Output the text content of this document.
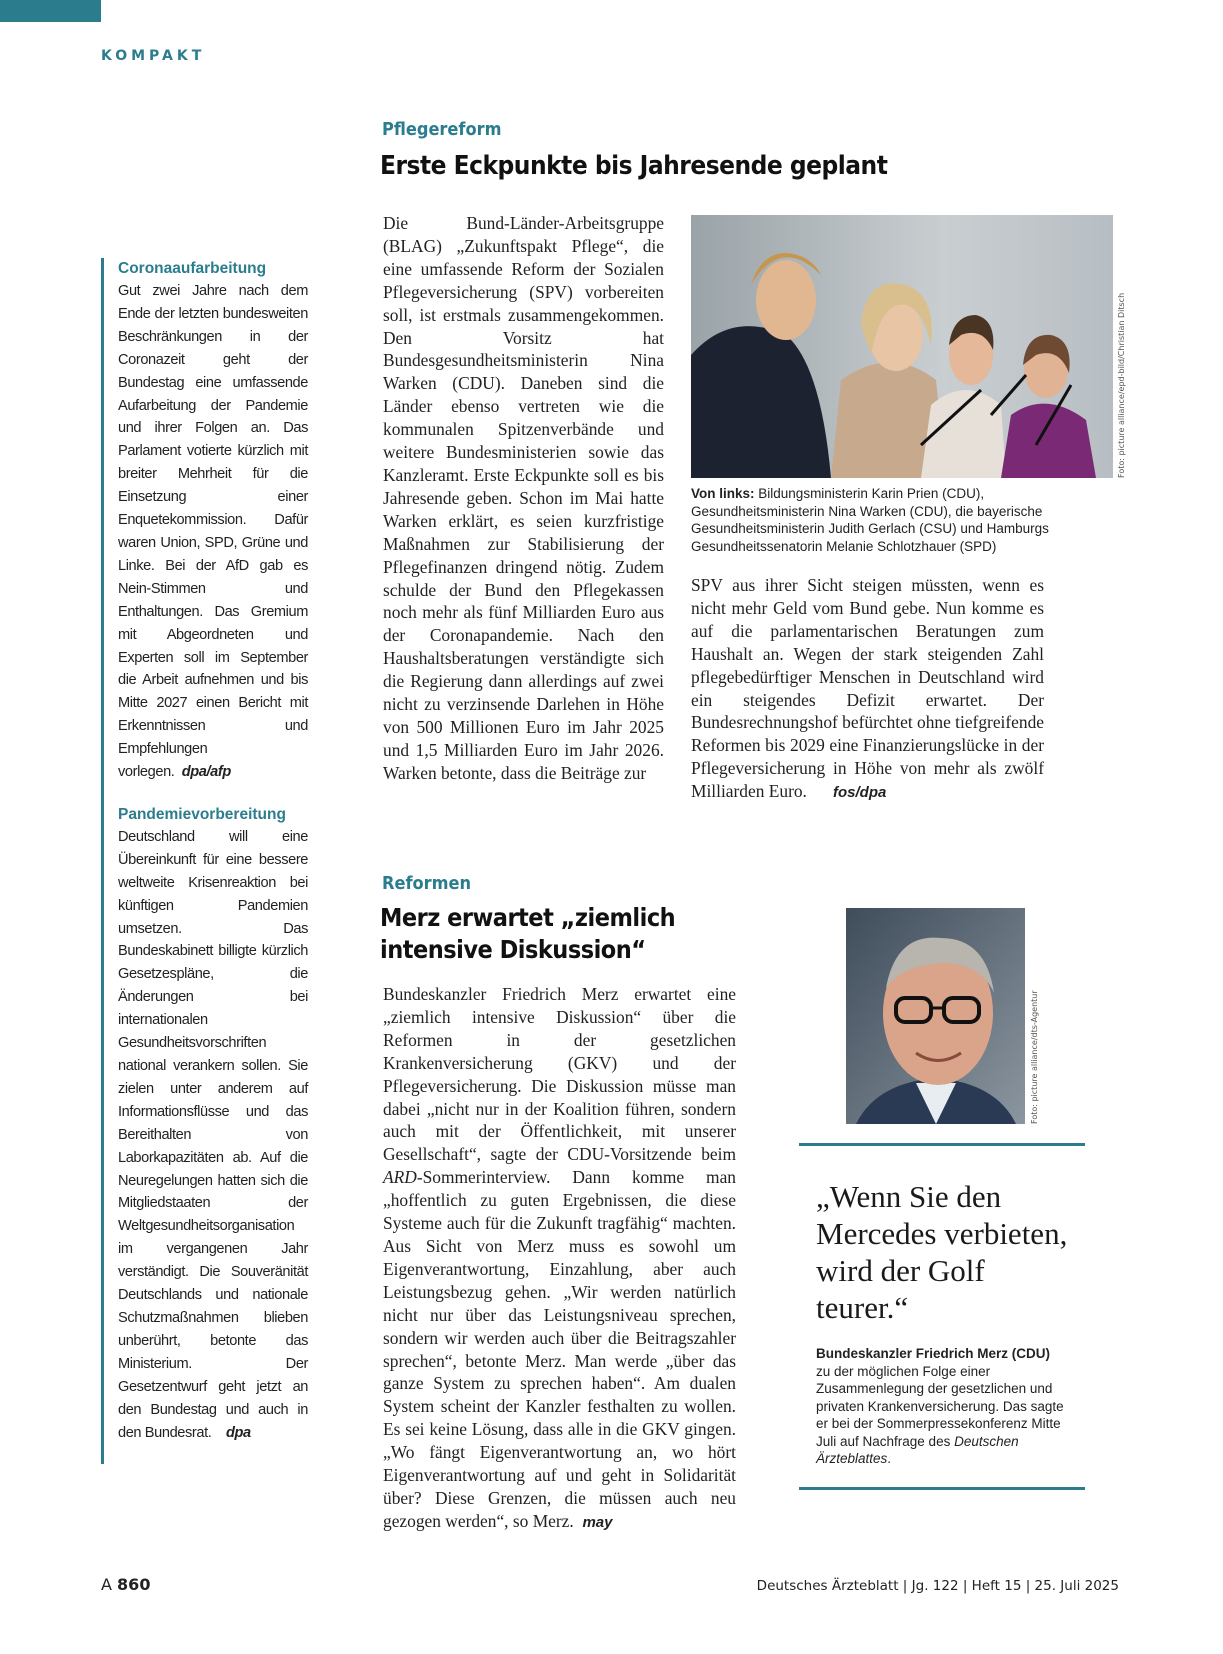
KOMPAKT
Coronaaufarbeitung

Gut zwei Jahre nach dem Ende der letzten bundesweiten Beschränkungen in der Coronazeit geht der Bundestag eine umfassende Aufarbeitung der Pandemie und ihrer Folgen an. Das Parlament votierte kürzlich mit breiter Mehrheit für die Einsetzung einer Enquetekommission. Dafür waren Union, SPD, Grüne und Linke. Bei der AfD gab es Nein-Stimmen und Enthaltungen. Das Gremium mit Abgeordneten und Experten soll im September die Arbeit aufnehmen und bis Mitte 2027 einen Bericht mit Erkenntnissen und Empfehlungen vorlegen. dpa/afp

Pandemievorbereitung

Deutschland will eine Übereinkunft für eine bessere weltweite Krisenreaktion bei künftigen Pandemien umsetzen. Das Bundeskabinett billigte kürzlich Gesetzespläne, die Änderungen bei internationalen Gesundheitsvorschriften national verankern sollen. Sie zielen unter anderem auf Informationsflüsse und das Bereithalten von Laborkapazitäten ab. Auf die Neuregelungen hatten sich die Mitgliedstaaten der Weltgesundheitsorganisation im vergangenen Jahr verständigt. Die Souveränität Deutschlands und nationale Schutzmaßnahmen blieben unberührt, betonte das Ministerium. Der Gesetzentwurf geht jetzt an den Bundestag und auch in den Bundesrat. dpa

Pflegereform
Erste Eckpunkte bis Jahresende geplant

Die Bund-Länder-Arbeitsgruppe (BLAG) „Zukunftspakt Pflege“, die eine umfassende Reform der Sozialen Pflegeversicherung (SPV) vorbereiten soll, ist erstmals zusammengekommen. Den Vorsitz hat Bundesgesundheitsministerin Nina Warken (CDU). Daneben sind die Länder ebenso vertreten wie die kommunalen Spitzenverbände und weitere Bundesministerien sowie das Kanzleramt. Erste Eckpunkte soll es bis Jahresende geben. Schon im Mai hatte Warken erklärt, es seien kurzfristige Maßnahmen zur Stabilisierung der Pflegefinanzen dringend nötig. Zudem schulde der Bund den Pflegekassen noch mehr als fünf Milliarden Euro aus der Coronapandemie. Nach den Haushaltsberatungen verständigte sich die Regierung dann allerdings auf zwei nicht zu verzinsende Darlehen in Höhe von 500 Millionen Euro im Jahr 2025 und 1,5 Milliarden Euro im Jahr 2026. Warken betonte, dass die Beiträge zur

Foto: picture alliance/epd-bild/Christian Ditsch
Von links: Bildungsministerin Karin Prien (CDU), Gesundheitsministerin Nina Warken (CDU), die bayerische Gesundheitsministerin Judith Gerlach (CSU) und Hamburgs Gesundheitssenatorin Melanie Schlotzhauer (SPD)

SPV aus ihrer Sicht steigen müssten, wenn es nicht mehr Geld vom Bund gebe. Nun komme es auf die parlamentarischen Beratungen zum Haushalt an. Wegen der stark steigenden Zahl pflegebedürftiger Menschen in Deutschland wird ein steigendes Defizit erwartet. Der Bundesrechnungshof befürchtet ohne tiefgreifende Reformen bis 2029 eine Finanzierungslücke in der Pflegeversicherung in Höhe von mehr als zwölf Milliarden Euro. fos/dpa

Reformen
Merz erwartet „ziemlich
intensive Diskussion“

Bundeskanzler Friedrich Merz erwartet eine „ziemlich intensive Diskussion“ über die Reformen in der gesetzlichen Krankenversicherung (GKV) und der Pflegeversicherung. Die Diskussion müsse man dabei „nicht nur in der Koalition führen, sondern auch mit der Öffentlichkeit, mit unserer Gesellschaft“, sagte der CDU-Vorsitzende beim ARD-Sommerinterview. Dann komme man „hoffentlich zu guten Ergebnissen, die diese Systeme auch für die Zukunft tragfähig“ machten. Aus Sicht von Merz muss es sowohl um Eigenverantwortung, Einzahlung, aber auch Leistungsbezug gehen. „Wir werden natürlich nicht nur über das Leistungsniveau sprechen, sondern wir werden auch über die Beitragszahler sprechen“, betonte Merz. Man werde „über das ganze System zu sprechen haben“. Am dualen System scheint der Kanzler festhalten zu wollen. Es sei keine Lösung, dass alle in die GKV gingen. „Wo fängt Eigenverantwortung an, wo hört Eigenverantwortung auf und geht in Solidarität über? Diese Grenzen, die müssen auch neu gezogen werden“, so Merz. may

Foto: picture alliance/dts-Agentur
„Wenn Sie den Mercedes verbieten, wird der Golf teurer.“
Bundeskanzler Friedrich Merz (CDU)
zu der möglichen Folge einer Zusammenlegung der gesetzlichen und privaten Krankenversicherung. Das sagte er bei der Sommerpressekonferenz Mitte Juli auf Nachfrage des Deutschen Ärzteblattes.
A 860	Deutsches Ärzteblatt | Jg. 122 | Heft 15 | 25. Juli 2025
